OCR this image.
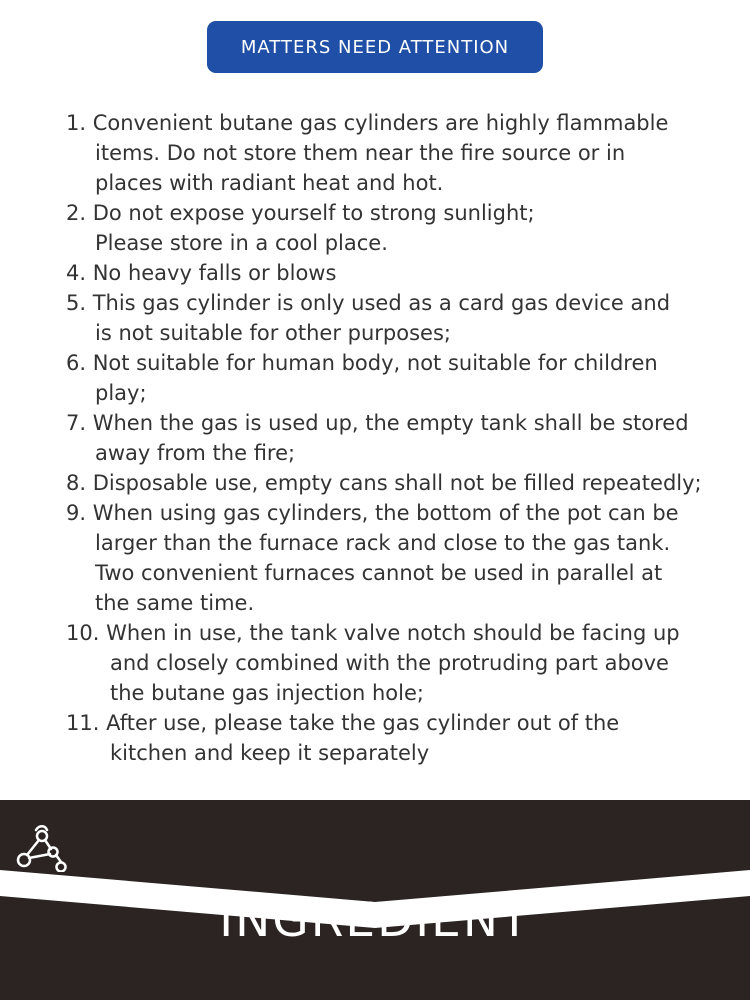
MATTERS NEED ATTENTION
1. Convenient butane gas cylinders are highly flammable
items. Do not store them near the fire source or in
places with radiant heat and hot.
2. Do not expose yourself to strong sunlight;
Please store in a cool place.
4. No heavy falls or blows
5. This gas cylinder is only used as a card gas device and
is not suitable for other purposes;
6. Not suitable for human body, not suitable for children
play;
7. When the gas is used up, the empty tank shall be stored
away from the fire;
8. Disposable use, empty cans shall not be filled repeatedly;
9. When using gas cylinders, the bottom of the pot can be
larger than the furnace rack and close to the gas tank.
Two convenient furnaces cannot be used in parallel at
the same time.
10. When in use, the tank valve notch should be facing up
and closely combined with the protruding part above
the butane gas injection hole;
11. After use, please take the gas cylinder out of the
kitchen and keep it separately
INGREDIENT
